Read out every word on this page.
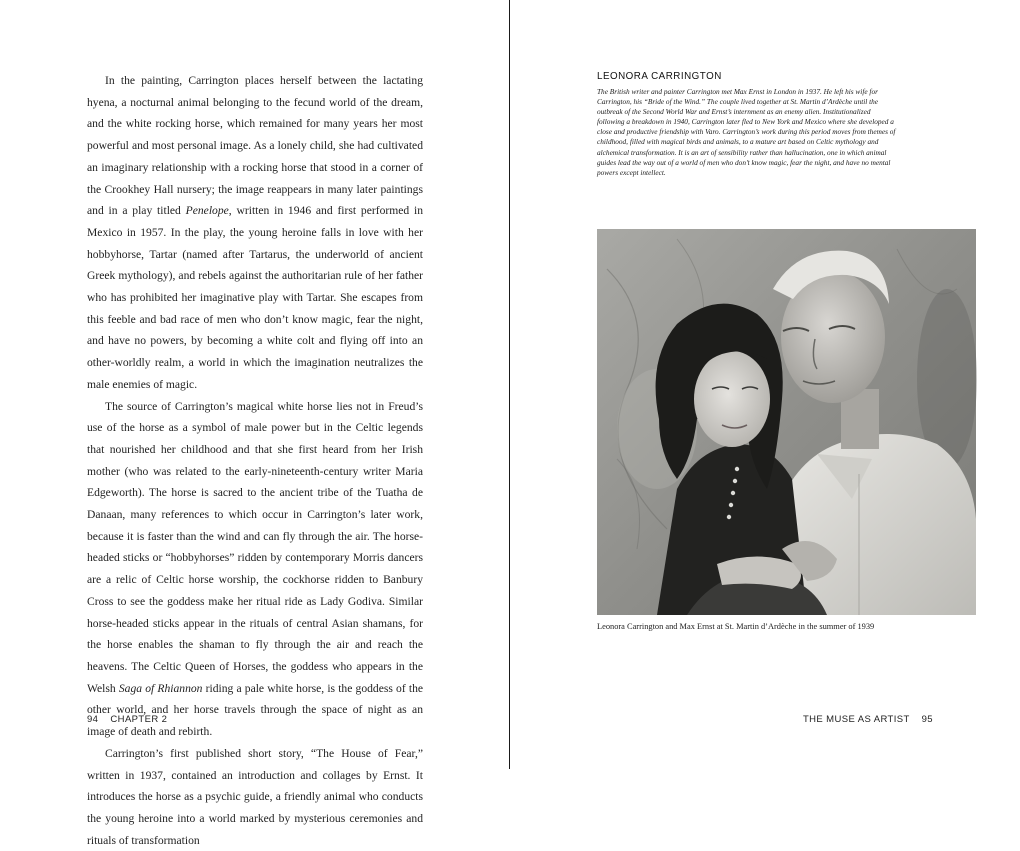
In the painting, Carrington places herself between the lactating hyena, a nocturnal animal belonging to the fecund world of the dream, and the white rocking horse, which remained for many years her most powerful and most personal image. As a lonely child, she had cultivated an imaginary relationship with a rocking horse that stood in a corner of the Crookhey Hall nursery; the image reappears in many later paintings and in a play titled Penelope, written in 1946 and first performed in Mexico in 1957. In the play, the young heroine falls in love with her hobbyhorse, Tartar (named after Tartarus, the underworld of ancient Greek mythology), and rebels against the authoritarian rule of her father who has prohibited her imaginative play with Tartar. She escapes from this feeble and bad race of men who don’t know magic, fear the night, and have no powers, by becoming a white colt and flying off into an other-worldly realm, a world in which the imagination neutralizes the male enemies of magic.

The source of Carrington’s magical white horse lies not in Freud’s use of the horse as a symbol of male power but in the Celtic legends that nourished her childhood and that she first heard from her Irish mother (who was related to the early-nineteenth-century writer Maria Edgeworth). The horse is sacred to the ancient tribe of the Tuatha de Danaan, many references to which occur in Carrington’s later work, because it is faster than the wind and can fly through the air. The horse-headed sticks or “hobbyhorses” ridden by contemporary Morris dancers are a relic of Celtic horse worship, the cockhorse ridden to Banbury Cross to see the goddess make her ritual ride as Lady Godiva. Similar horse-headed sticks appear in the rituals of central Asian shamans, for the horse enables the shaman to fly through the air and reach the heavens. The Celtic Queen of Horses, the goddess who appears in the Welsh Saga of Rhiannon riding a pale white horse, is the goddess of the other world, and her horse travels through the space of night as an image of death and rebirth.

Carrington’s first published short story, “The House of Fear,” written in 1937, contained an introduction and collages by Ernst. It introduces the horse as a psychic guide, a friendly animal who conducts the young heroine into a world marked by mysterious ceremonies and rituals of transformation

94 CHAPTER 2

LEONORA CARRINGTON

The British writer and painter Carrington met Max Ernst in London in 1937. He left his wife for Carrington, his “Bride of the Wind.” The couple lived together at St. Martin d’Ardèche until the outbreak of the Second World War and Ernst’s internment as an enemy alien. Institutionalized following a breakdown in 1940, Carrington later fled to New York and Mexico where she developed a close and productive friendship with Varo. Carrington’s work during this period moves from themes of childhood, filled with magical birds and animals, to a mature art based on Celtic mythology and alchemical transformation. It is an art of sensibility rather than hallucination, one in which animal guides lead the way out of a world of men who don’t know magic, fear the night, and have no mental powers except intellect.

Leonora Carrington and Max Ernst at St. Martin d’Ardèche in the summer of 1939
THE MUSE AS ARTIST 95
